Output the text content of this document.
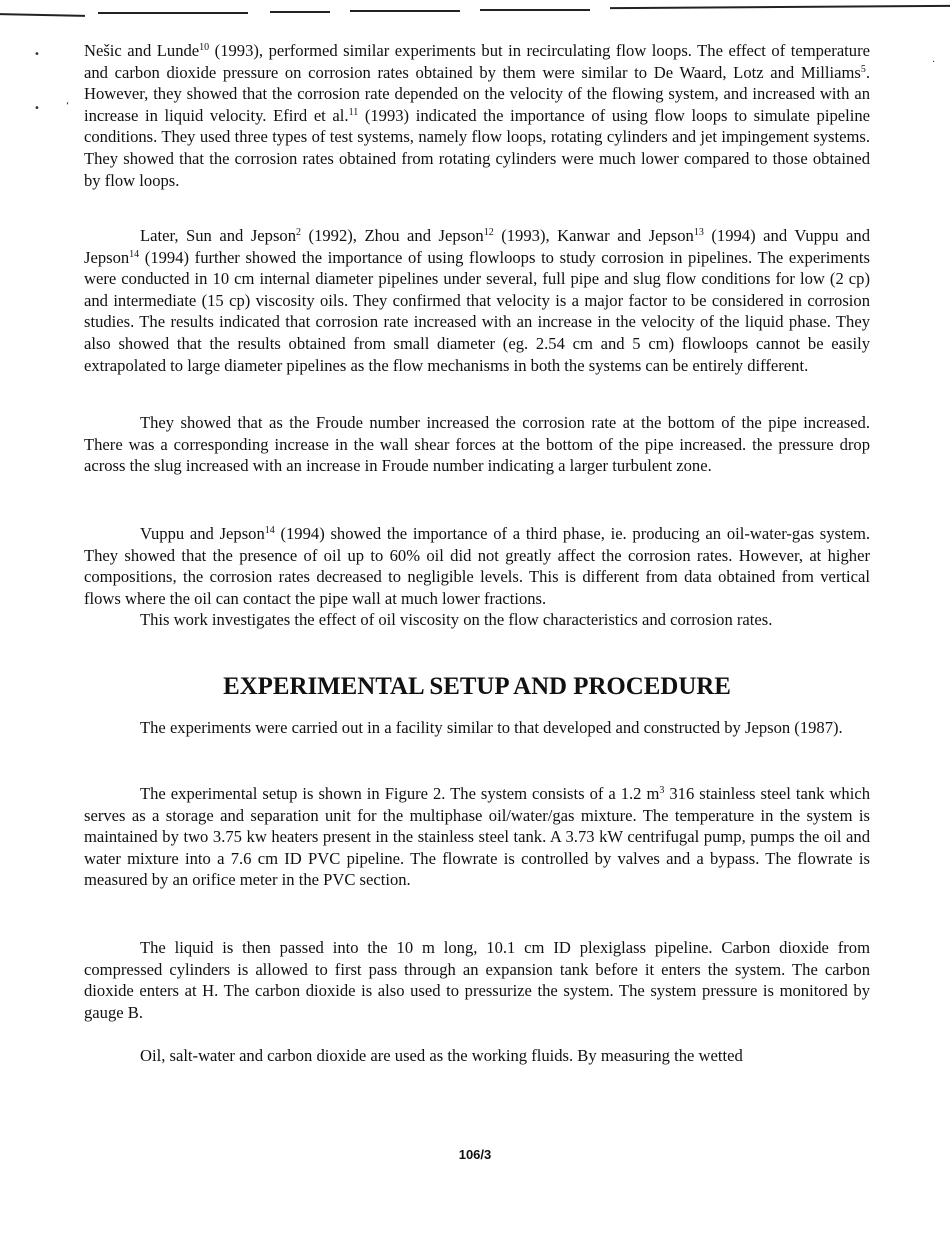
•
•	‘
·

Nešic and Lunde$^{10}$ (1993), performed similar experiments but in recirculating flow loops. The effect of temperature and carbon dioxide pressure on corrosion rates obtained by them were similar to De Waard, Lotz and Milliams$^5$. However, they showed that the corrosion rate depended on the velocity of the flowing system, and increased with an increase in liquid velocity. Efird et al.$^{11}$ (1993) indicated the importance of using flow loops to simulate pipeline conditions. They used three types of test systems, namely flow loops, rotating cylinders and jet impingement systems. They showed that the corrosion rates obtained from rotating cylinders were much lower compared to those obtained by flow loops.

Later, Sun and Jepson$^2$ (1992), Zhou and Jepson$^{12}$ (1993), Kanwar and Jepson$^{13}$ (1994) and Vuppu and Jepson$^{14}$ (1994) further showed the importance of using flowloops to study corrosion in pipelines. The experiments were conducted in 10 cm internal diameter pipelines under several, full pipe and slug flow conditions for low (2 cp) and intermediate (15 cp) viscosity oils. They confirmed that velocity is a major factor to be considered in corrosion studies. The results indicated that corrosion rate increased with an increase in the velocity of the liquid phase. They also showed that the results obtained from small diameter (eg. 2.54 cm and 5 cm) flowloops cannot be easily extrapolated to large diameter pipelines as the flow mechanisms in both the systems can be entirely different.

They showed that as the Froude number increased the corrosion rate at the bottom of the pipe increased. There was a corresponding increase in the wall shear forces at the bottom of the pipe increased. the pressure drop across the slug increased with an increase in Froude number indicating a larger turbulent zone.

Vuppu and Jepson$^{14}$ (1994) showed the importance of a third phase, ie. producing an oil-water-gas system. They showed that the presence of oil up to 60% oil did not greatly affect the corrosion rates. However, at higher compositions, the corrosion rates decreased to negligible levels. This is different from data obtained from vertical flows where the oil can contact the pipe wall at much lower fractions.

This work investigates the effect of oil viscosity on the flow characteristics and corrosion rates.

EXPERIMENTAL SETUP AND PROCEDURE

The experiments were carried out in a facility similar to that developed and constructed by Jepson (1987).

The experimental setup is shown in Figure 2. The system consists of a 1.2 $m^3$ 316 stainless steel tank which serves as a storage and separation unit for the multiphase oil/water/gas mixture. The temperature in the system is maintained by two 3.75 kw heaters present in the stainless steel tank. A 3.73 kW centrifugal pump, pumps the oil and water mixture into a 7.6 cm ID PVC pipeline. The flowrate is controlled by valves and a bypass. The flowrate is measured by an orifice meter in the PVC section.

The liquid is then passed into the 10 m long, 10.1 cm ID plexiglass pipeline. Carbon dioxide from compressed cylinders is allowed to first pass through an expansion tank before it enters the system. The carbon dioxide enters at H. The carbon dioxide is also used to pressurize the system. The system pressure is monitored by gauge B.

Oil, salt-water and carbon dioxide are used as the working fluids. By measuring the wetted

106/3
